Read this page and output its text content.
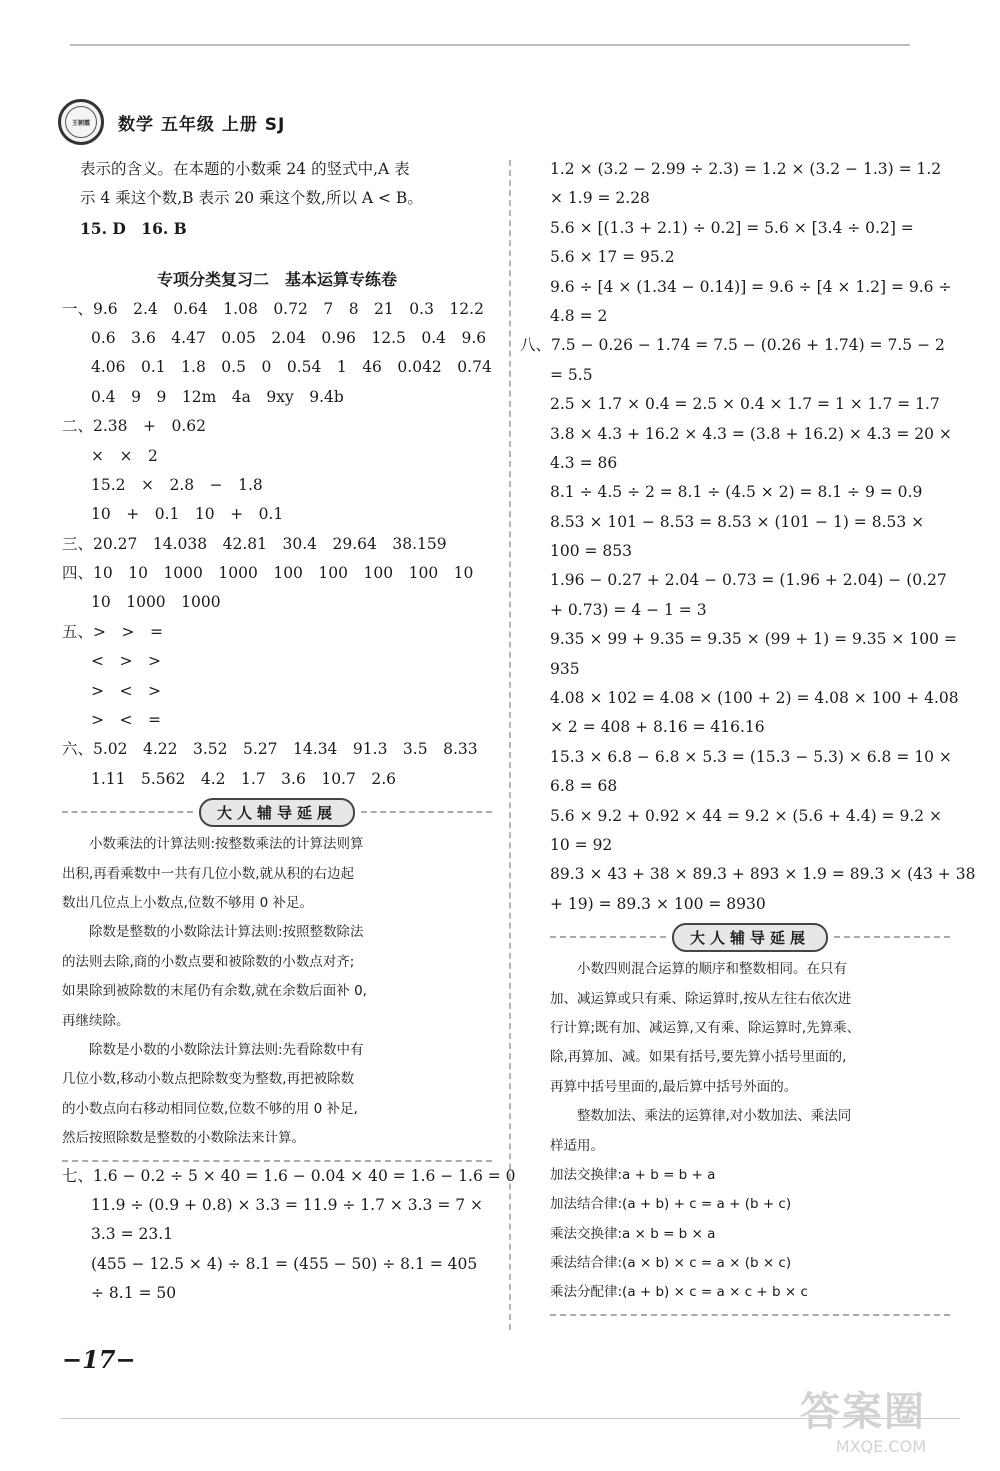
王朝霞 数学 五年级 上册 SJ
表示的含义。在本题的小数乘 24 的竖式中,A 表
示 4 乘这个数,B 表示 20 乘这个数,所以 A < B。
15. D　16. B
专项分类复习二　基本运算专练卷
一、9.6　2.4　0.64　1.08　0.72　7　8　21　0.3　12.2
0.6　3.6　4.47　0.05　2.04　0.96　12.5　0.4　9.6
4.06　0.1　1.8　0.5　0　0.54　1　46　0.042　0.74
0.4　9　9　12m　4a　9xy　9.4b
二、2.38　+　0.62
×　×　2
15.2　×　2.8　−　1.8
10　+　0.1　10　+　0.1
三、20.27　14.038　42.81　30.4　29.64　38.159
四、10　10　1000　1000　100　100　100　100　10
10　1000　1000
五、>　>　=
<　>　>
>　<　>
>　<　=
六、5.02　4.22　3.52　5.27　14.34　91.3　3.5　8.33
1.11　5.562　4.2　1.7　3.6　10.7　2.6
大人辅导延展
小数乘法的计算法则:按整数乘法的计算法则算
出积,再看乘数中一共有几位小数,就从积的右边起
数出几位点上小数点,位数不够用 0 补足。
除数是整数的小数除法计算法则:按照整数除法
的法则去除,商的小数点要和被除数的小数点对齐;
如果除到被除数的末尾仍有余数,就在余数后面补 0,
再继续除。
除数是小数的小数除法计算法则:先看除数中有
几位小数,移动小数点把除数变为整数,再把被除数
的小数点向右移动相同位数,位数不够的用 0 补足,
然后按照除数是整数的小数除法来计算。
七、1.6 − 0.2 ÷ 5 × 40 = 1.6 − 0.04 × 40 = 1.6 − 1.6 = 0
11.9 ÷ (0.9 + 0.8) × 3.3 = 11.9 ÷ 1.7 × 3.3 = 7 ×
3.3 = 23.1
(455 − 12.5 × 4) ÷ 8.1 = (455 − 50) ÷ 8.1 = 405
÷ 8.1 = 50
1.2 × (3.2 − 2.99 ÷ 2.3) = 1.2 × (3.2 − 1.3) = 1.2
× 1.9 = 2.28
5.6 × [(1.3 + 2.1) ÷ 0.2] = 5.6 × [3.4 ÷ 0.2] =
5.6 × 17 = 95.2
9.6 ÷ [4 × (1.34 − 0.14)] = 9.6 ÷ [4 × 1.2] = 9.6 ÷
4.8 = 2
八、7.5 − 0.26 − 1.74 = 7.5 − (0.26 + 1.74) = 7.5 − 2
= 5.5
2.5 × 1.7 × 0.4 = 2.5 × 0.4 × 1.7 = 1 × 1.7 = 1.7
3.8 × 4.3 + 16.2 × 4.3 = (3.8 + 16.2) × 4.3 = 20 ×
4.3 = 86
8.1 ÷ 4.5 ÷ 2 = 8.1 ÷ (4.5 × 2) = 8.1 ÷ 9 = 0.9
8.53 × 101 − 8.53 = 8.53 × (101 − 1) = 8.53 ×
100 = 853
1.96 − 0.27 + 2.04 − 0.73 = (1.96 + 2.04) − (0.27
+ 0.73) = 4 − 1 = 3
9.35 × 99 + 9.35 = 9.35 × (99 + 1) = 9.35 × 100 =
935
4.08 × 102 = 4.08 × (100 + 2) = 4.08 × 100 + 4.08
× 2 = 408 + 8.16 = 416.16
15.3 × 6.8 − 6.8 × 5.3 = (15.3 − 5.3) × 6.8 = 10 ×
6.8 = 68
5.6 × 9.2 + 0.92 × 44 = 9.2 × (5.6 + 4.4) = 9.2 ×
10 = 92
89.3 × 43 + 38 × 89.3 + 893 × 1.9 = 89.3 × (43 + 38
+ 19) = 89.3 × 100 = 8930
大人辅导延展
小数四则混合运算的顺序和整数相同。在只有
加、减运算或只有乘、除运算时,按从左往右依次进
行计算;既有加、减运算,又有乘、除运算时,先算乘、
除,再算加、减。如果有括号,要先算小括号里面的,
再算中括号里面的,最后算中括号外面的。
整数加法、乘法的运算律,对小数加法、乘法同
样适用。
加法交换律:a + b = b + a
加法结合律:(a + b) + c = a + (b + c)
乘法交换律:a × b = b × a
乘法结合律:(a × b) × c = a × (b × c)
乘法分配律:(a + b) × c = a × c + b × c
−17−
答案圈
MXQE.COM
